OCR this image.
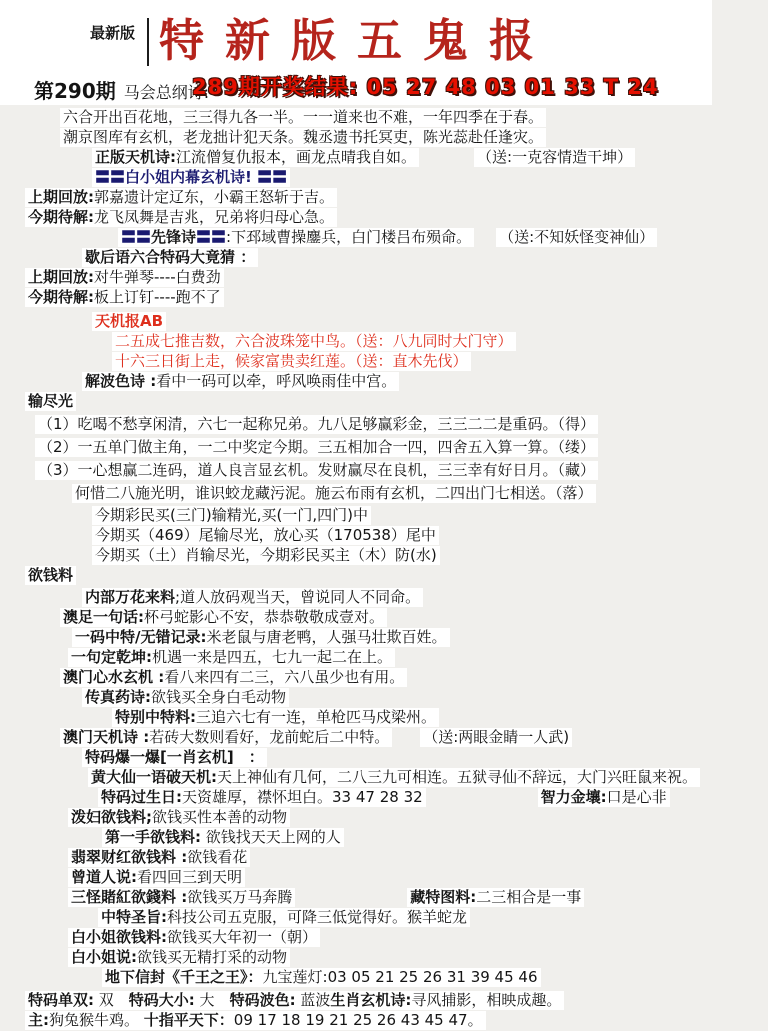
最新版 特新版五鬼报
第290期 马会总纲诗:
289期开奖结果: 05 27 48 03 01 33 T 24
六合开出百花地，三三得九各一半。一一道来也不难，一年四季在于春。
潮京图库有玄机，老龙拙计犯天条。魏丞遗书托冥吏，陈光蕊赴任逢灾。
正版天机诗:江流僧复仇报本，画龙点晴我自如。	（送:一克容情造干坤）
〓〓白小姐内幕玄机诗! 〓〓
上期回放:郭嘉遗计定辽东，小霸王怒斩于吉。
今期待解:龙飞凤舞是吉兆，兄弟将归母心急。
〓〓先锋诗〓〓:下邳域曹操鏖兵，白门楼吕布殒命。 （送:不知妖怪变神仙）
歇后语六合特码大竟猜 ：
上期回放:对牛弹琴----白费劲
今期待解:板上订钉----跑不了
天机报AB
二五成七推吉数，六合波珠笼中鸟。（送：八九同时大门守）
十六三日街上走，候家富贵卖红莲。（送：直木先伐）
解波色诗 :看中一码可以牵，呼风唤雨佳中宫。
输尽光
（1）吃喝不愁享闲清，六七一起称兄弟。九八足够赢彩金，三三二二是重码。（得）
（2）一五单门做主角，一二中奖定今期。三五相加合一四，四舍五入算一算。（缕）
（3）一心想赢二连码，道人良言显玄机。发财赢尽在良机，三三幸有好日月。（藏）
何惜二八施光明，谁识蛟龙藏污泥。施云布雨有玄机，二四出门七相送。（落）
今期彩民买(三门)输精光,买(一门,四门)中
今期买（469）尾输尽光，放心买（170538）尾中
今期买（土）肖输尽光，今期彩民买主（木）防(水)
欲钱料
内部万花来料;道人放码观当天，曾说同人不同命。
澳足一句话:杯弓蛇影心不安，恭恭敬敬成壹对。
一码中特/无错记录:米老鼠与唐老鸭，人强马壮欺百姓。
一句定乾坤:机遇一来是四五，七九一起二在上。
澳门心水玄机 :看八来四有二三，六八虽少也有用。
传真药诗:欲钱买全身白毛动物
特别中特料:三追六七有一连，单枪匹马戍梁州。
澳门天机诗 :若砖大数则看好，龙前蛇后二中特。 （送:两眼金睛一人武)
特码爆一爆[一肖玄机]　：
黄大仙一语破天机:天上神仙有几何，二八三九可相连。五狱寻仙不辞远，大门兴旺鼠来祝。
特码过生日:天资雄厚，襟怀坦白。33 47 28 32	智力金壤:口是心非
泼妇欲钱料;欲钱买性本善的动物
第一手欲钱料: 欲钱找天天上网的人
翡翠财红欲钱料 :欲钱看花
曾道人说:看四回三到天明
三怪賭紅欲錢料 :欲钱买万马奔腾	藏特图料:二三相合是一事
中特圣旨:科技公司五克服，可降三低觉得好。猴羊蛇龙
白小姐欲钱料:欲钱买大年初一（朝）
白小姐说:欲钱买无精打采的动物
地下信封《千王之王》：九宝莲灯:03 05 21 25 26 31 39 45 46
特码单双: 双　特码大小: 大　特码波色: 蓝波生肖玄机诗:寻风捕影，相映成趣。
主:狗兔猴牛鸡。 十指平天下：09 17 18 19 21 25 26 43 45 47。
